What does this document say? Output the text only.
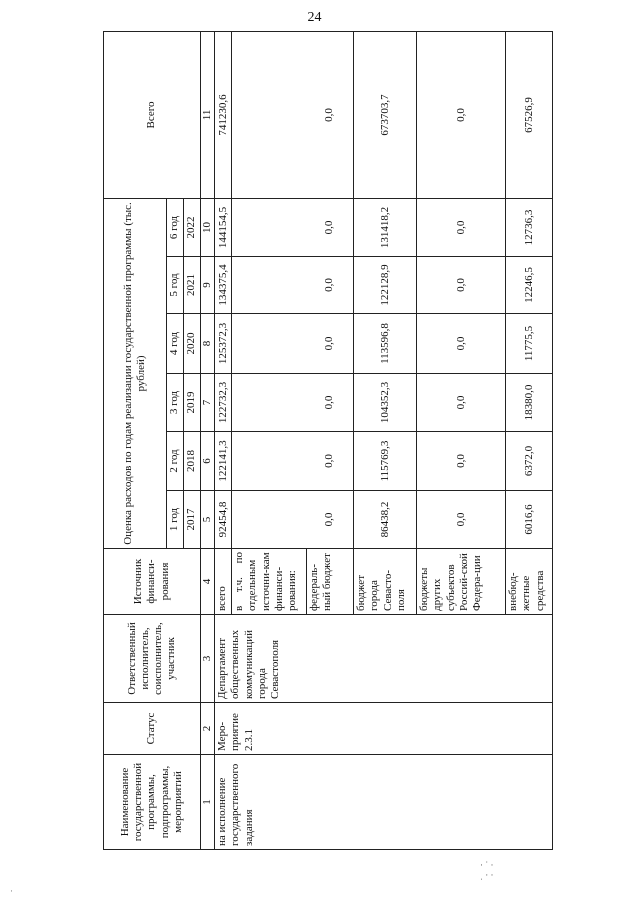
24
Наименование государственной программы, подпрограммы, мероприятий	Статус	Ответственный исполнитель, соисполнитель, участник	Источник финанси-рования	Оценка расходов по годам реализации государственной программы (тыс. рублей)						Всего
				1 год	2 год	3 год	4 год	5 год	6 год	
				2017	2018	2019	2020	2021	2022	
1	2	3	4	5	6	7	8	9	10	11
на исполнение государственного задания	Меро-приятие 2.3.1	Департамент общественных коммуникаций города Севастополя	всего	92454,8	122141,3	122732,3	125372,3	134375,4	144154,5	741230,6
			в т.ч. по отдельным источни-кам финанси-рования:							
			федераль-ный бюджет	0,0	0,0	0,0	0,0	0,0	0,0	0,0
			бюджет города Севасто-поля	86438,2	115769,3	104352,3	113596,8	122128,9	131418,2	673703,7
			бюджеты других субъектов Россий-ской Федера-ции	0,0	0,0	0,0	0,0	0,0	0,0	0,0
			внебюд-жетные средства	6016,6	6372,0	18380,0	11775,5	12246,5	12736,3	67526,9
· ˙ ·
ˌ · ·
·
